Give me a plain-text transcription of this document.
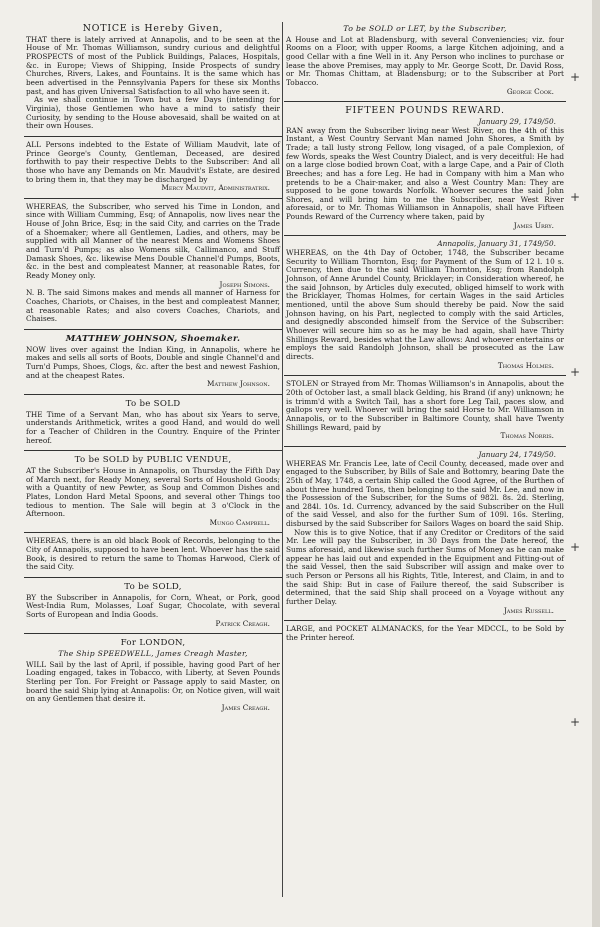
NOTICE is Hereby Given,

THAT there is lately arrived at Annapolis, and to be seen at the House of Mr. Thomas Williamson, sundry curious and delightful PROSPECTS of most of the Publick Buildings, Palaces, Hospitals, &c. in Europe; Views of Shipping, Inside Prospects of sundry Churches, Rivers, Lakes, and Fountains. It is the same which has been advertised in the Pennsylvania Papers for these six Months past, and has given Universal Satisfaction to all who have seen it.

As we shall continue in Town but a few Days (intending for Virginia), those Gentlemen who have a mind to satisfy their Curiosity, by sending to the House abovesaid, shall be waited on at their own Houses.

ALL Persons indebted to the Estate of William Maudvit, late of Prince George's County, Gentleman, Deceased, are desired forthwith to pay their respective Debts to the Subscriber: And all those who have any Demands on Mr. Maudvit's Estate, are desired to bring them in, that they may be discharged by

Mercy Maudvit, Administratrix.

WHEREAS, the Subscriber, who served his Time in London, and since with William Cumming, Esq; of Annapolis, now lives near the House of John Brice, Esq; in the said City, and carries on the Trade of a Shoemaker; where all Gentlemen, Ladies, and others, may be supplied with all Manner of the nearest Mens and Womens Shoes and Turn'd Pumps; as also Womens silk, Callimanco, and Stuff Damask Shoes, &c. likewise Mens Double Channel'd Pumps, Boots, &c. in the best and compleatest Manner, at reasonable Rates, for Ready Money only.

Joseph Simons.

N. B. The said Simons makes and mends all manner of Harness for Coaches, Chariots, or Chaises, in the best and compleatest Manner, at reasonable Rates; and also covers Coaches, Chariots, and Chaises.

MATTHEW JOHNSON, Shoemaker.

NOW lives over against the Indian King, in Annapolis, where he makes and sells all sorts of Boots, Double and single Channel'd and Turn'd Pumps, Shoes, Clogs, &c. after the best and newest Fashion, and at the cheapest Rates.

Matthew Johnson.
To be SOLD

THE Time of a Servant Man, who has about six Years to serve, understands Arithmetick, writes a good Hand, and would do well for a Teacher of Children in the Country. Enquire of the Printer hereof.

To be SOLD by PUBLIC VENDUE,

AT the Subscriber's House in Annapolis, on Thursday the Fifth Day of March next, for Ready Money, several Sorts of Houshold Goods; with a Quantity of new Pewter, as Soup and Common Dishes and Plates, London Hard Metal Spoons, and several other Things too tedious to mention. The Sale will begin at 3 o'Clock in the Afternoon.

Mungo Campbell.

WHEREAS, there is an old black Book of Records, belonging to the City of Annapolis, supposed to have been lent. Whoever has the said Book, is desired to return the same to Thomas Harwood, Clerk of the said City.

To be SOLD,

BY the Subscriber in Annapolis, for Corn, Wheat, or Pork, good West-India Rum, Molasses, Loaf Sugar, Chocolate, with several Sorts of European and India Goods.

Patrick Creagh.
For LONDON,
The Ship SPEEDWELL, James Creagh Master,

WILL Sail by the last of April, if possible, having good Part of her Loading engaged, takes in Tobacco, with Liberty, at Seven Pounds Sterling per Ton. For Freight or Passage apply to said Master, on board the said Ship lying at Annapolis: Or, on Notice given, will wait on any Gentlemen that desire it.

James Creagh.
To be SOLD or LET, by the Subscriber,

A House and Lot at Bladensburg, with several Conveniencies; viz. four Rooms on a Floor, with upper Rooms, a large Kitchen adjoining, and a good Cellar with a fine Well in it. Any Person who inclines to purchase or lease the above Premises, may apply to Mr. George Scott, Dr. David Ross, or Mr. Thomas Chittam, at Bladensburg; or to the Subscriber at Port Tobacco.

George Cook.
FIFTEEN POUNDS REWARD.
January 29, 1749/50.

RAN away from the Subscriber living near West River, on the 4th of this Instant, a West Country Servant Man named John Shores, a Smith by Trade; a tall lusty strong Fellow, long visaged, of a pale Complexion, of few Words, speaks the West Country Dialect, and is very deceitful: He had on a large close bodied brown Coat, with a large Cape, and a Pair of Cloth Breeches; and has a fore Leg. He had in Company with him a Man who pretends to be a Chair-maker, and also a West Country Man: They are supposed to be gone towards Norfolk. Whoever secures the said John Shores, and will bring him to me the Subscriber, near West River aforesaid, or to Mr. Thomas Williamson in Annapolis, shall have Fifteen Pounds Reward of the Currency where taken, paid by

James Urry.
Annapolis, January 31, 1749/50.

WHEREAS, on the 4th Day of October, 1748, the Subscriber became Security to William Thornton, Esq; for Payment of the Sum of 12 l. 10 s. Currency, then due to the said William Thornton, Esq; from Randolph Johnson, of Anne Arundel County, Bricklayer; in Consideration whereof, he the said Johnson, by Articles duly executed, obliged himself to work with the Bricklayer, Thomas Holmes, for certain Wages in the said Articles mentioned, until the above Sum should thereby be paid. Now the said Johnson having, on his Part, neglected to comply with the said Articles, and designedly absconded himself from the Service of the Subscriber: Whoever will secure him so as he may be had again, shall have Thirty Shillings Reward, besides what the Law allows: And whoever entertains or employs the said Randolph Johnson, shall be prosecuted as the Law directs.

Thomas Holmes.

STOLEN or Strayed from Mr. Thomas Williamson's in Annapolis, about the 20th of October last, a small black Gelding, his Brand (if any) unknown; he is trimm'd with a Switch Tail, has a short fore Leg Tail, paces slow, and gallops very well. Whoever will bring the said Horse to Mr. Williamson in Annapolis, or to the Subscriber in Baltimore County, shall have Twenty Shillings Reward, paid by

Thomas Norris.
January 24, 1749/50.

WHEREAS Mr. Francis Lee, late of Cecil County, deceased, made over and engaged to the Subscriber, by Bills of Sale and Bottomry, bearing Date the 25th of May, 1748, a certain Ship called the Good Agree, of the Burthen of about three hundred Tons, then belonging to the said Mr. Lee, and now in the Possession of the Subscriber, for the Sums of 982l. 8s. 2d. Sterling, and 284l. 10s. 1d. Currency, advanced by the said Subscriber on the Hull of the said Vessel, and also for the further Sum of 109l. 16s. Sterling, disbursed by the said Subscriber for Sailors Wages on board the said Ship.

Now this is to give Notice, that if any Creditor or Creditors of the said Mr. Lee will pay the Subscriber, in 30 Days from the Date hereof, the Sums aforesaid, and likewise such further Sums of Money as he can make appear he has laid out and expended in the Equipment and Fitting-out of the said Vessel, then the said Subscriber will assign and make over to such Person or Persons all his Rights, Title, Interest, and Claim, in and to the said Ship: But in case of Failure thereof, the said Subscriber is determined, that the said Ship shall proceed on a Voyage without any further Delay.

James Russell.

LARGE, and POCKET ALMANACKS, for the Year MDCCL, to be Sold by the Printer hereof.

+
+
+
+
+
